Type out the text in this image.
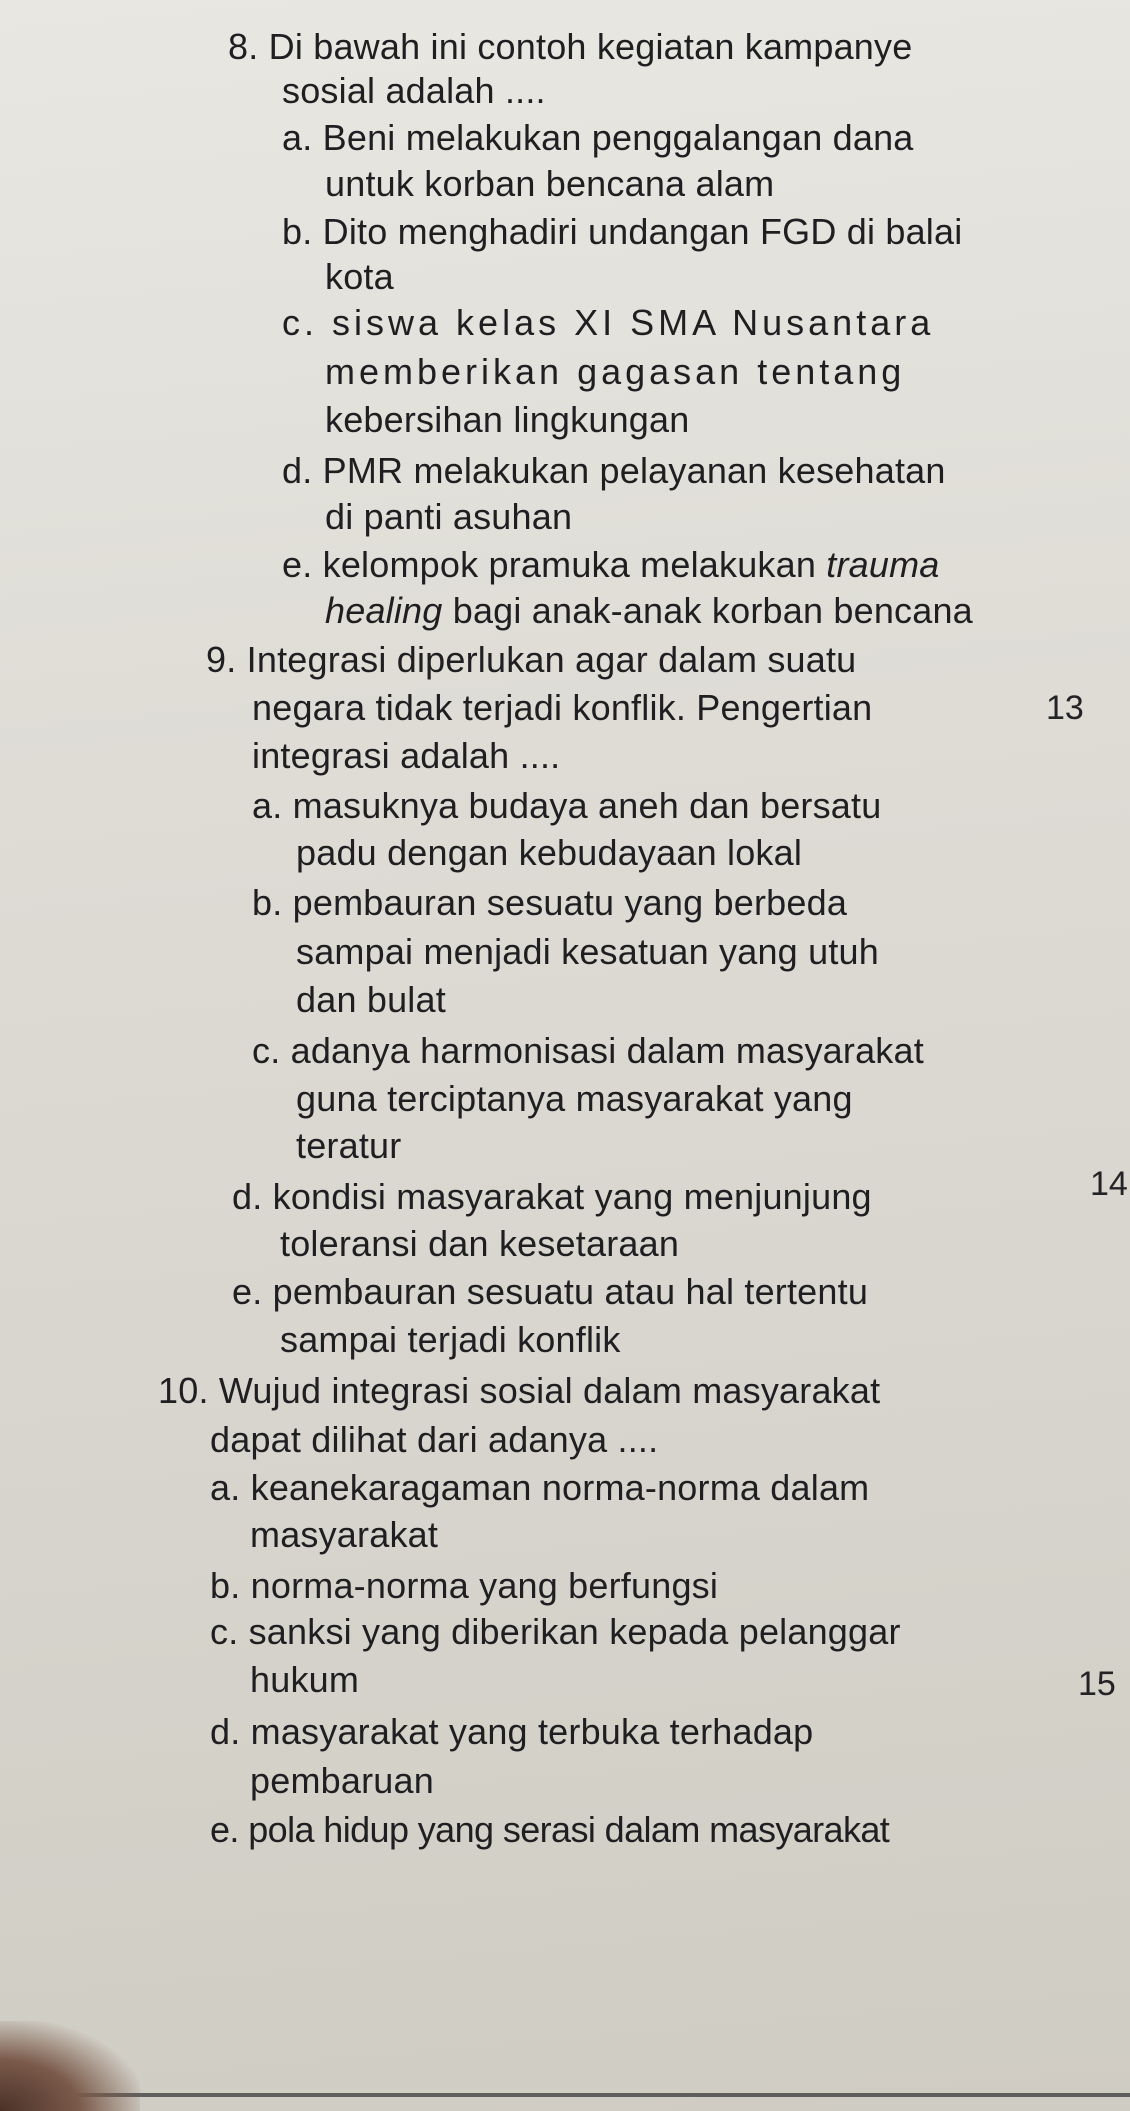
8. Di bawah ini contoh kegiatan kampanye
sosial adalah ....
a. Beni melakukan penggalangan dana
untuk korban bencana alam
b. Dito menghadiri undangan FGD di balai
kota
c. siswa kelas XI SMA Nusantara
memberikan gagasan tentang
kebersihan lingkungan
d. PMR melakukan pelayanan kesehatan
di panti asuhan
e. kelompok pramuka melakukan trauma
healing bagi anak-anak korban bencana
9. Integrasi diperlukan agar dalam suatu
negara tidak terjadi konflik. Pengertian
integrasi adalah ....
13
a. masuknya budaya aneh dan bersatu
padu dengan kebudayaan lokal
b. pembauran sesuatu yang berbeda
sampai menjadi kesatuan yang utuh
dan bulat
c. adanya harmonisasi dalam masyarakat
guna terciptanya masyarakat yang
teratur
14
d. kondisi masyarakat yang menjunjung
toleransi dan kesetaraan
e. pembauran sesuatu atau hal tertentu
sampai terjadi konflik
10. Wujud integrasi sosial dalam masyarakat
dapat dilihat dari adanya ....
a. keanekaragaman norma-norma dalam
masyarakat
b. norma-norma yang berfungsi
c. sanksi yang diberikan kepada pelanggar
hukum	15
d. masyarakat yang terbuka terhadap
pembaruan
e. pola hidup yang serasi dalam masyarakat
